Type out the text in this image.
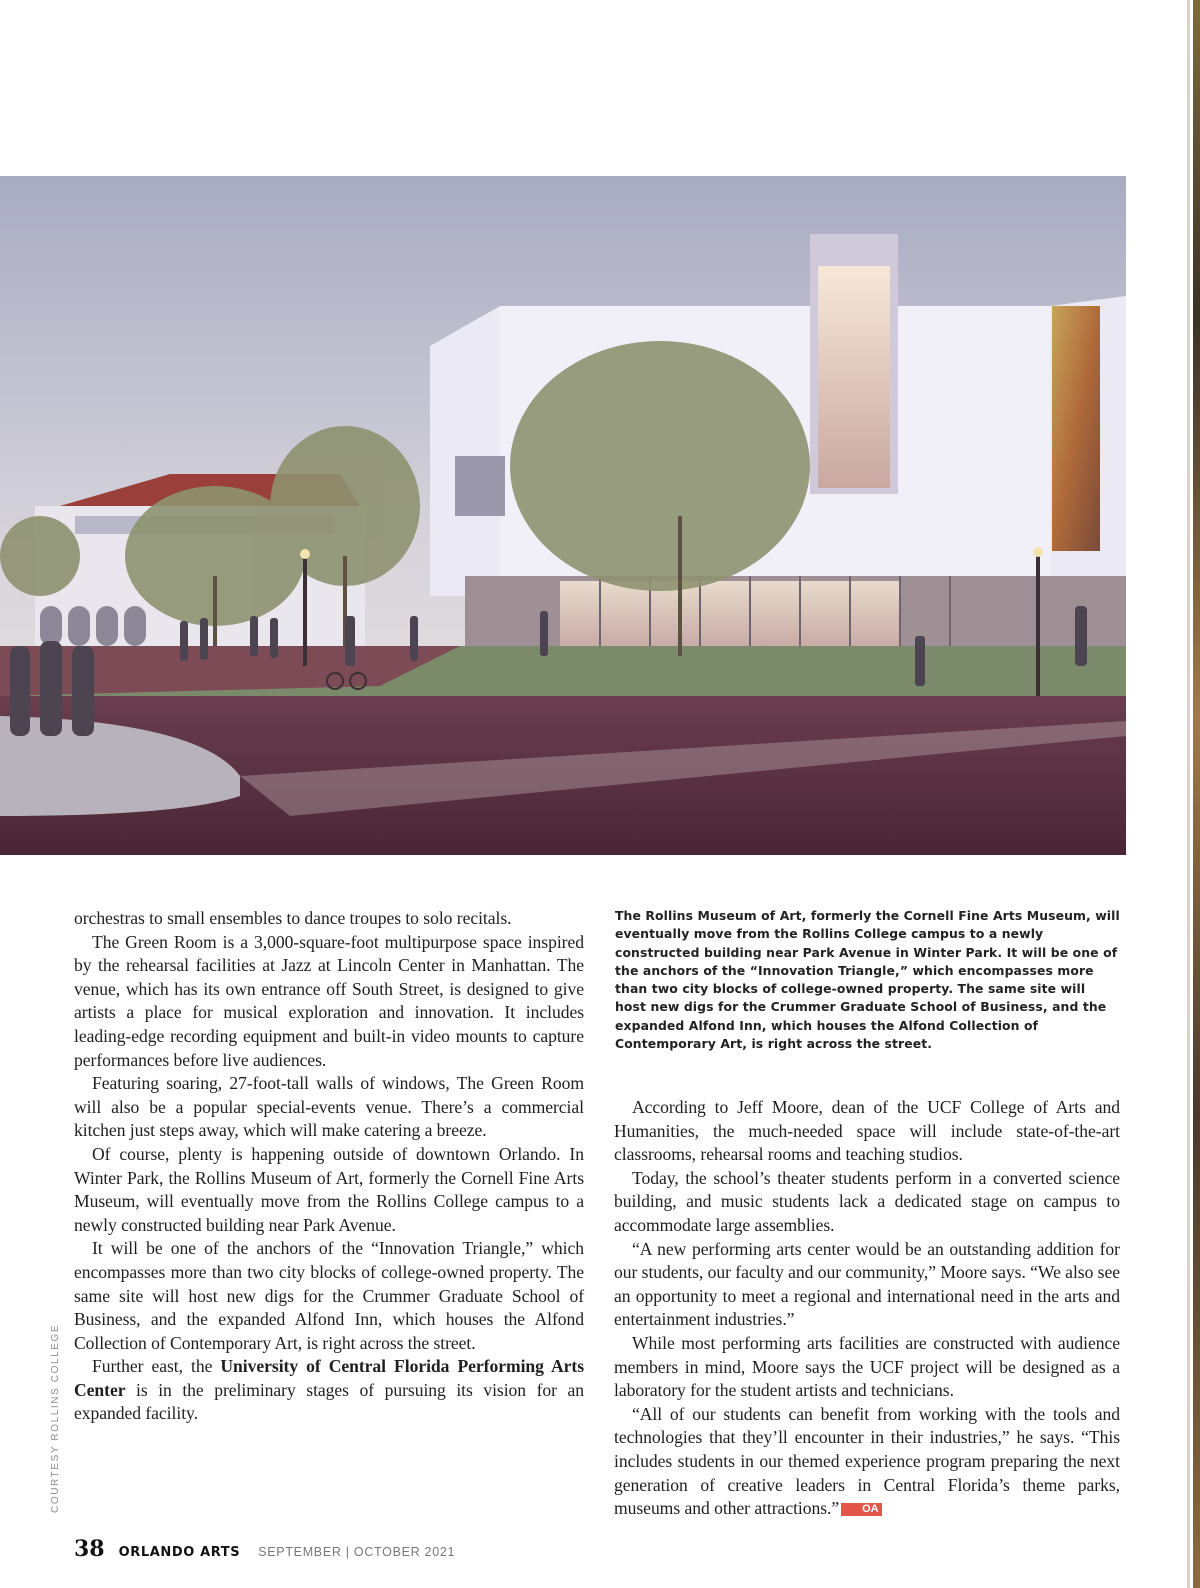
orchestras to small ensembles to dance troupes to solo recitals.

The Green Room is a 3,000-square-foot multipurpose space inspired by the rehearsal facilities at Jazz at Lincoln Center in Manhattan. The venue, which has its own entrance off South Street, is designed to give artists a place for musical exploration and innovation. It includes leading-edge recording equipment and built-in video mounts to capture performances before live audiences.

Featuring soaring, 27-foot-tall walls of windows, The Green Room will also be a popular special-events venue. There’s a commercial kitchen just steps away, which will make catering a breeze.

Of course, plenty is happening outside of downtown Orlando. In Winter Park, the Rollins Museum of Art, formerly the Cornell Fine Arts Museum, will eventually move from the Rollins College campus to a newly constructed building near Park Avenue.

It will be one of the anchors of the “Innovation Triangle,” which encompasses more than two city blocks of college-owned property. The same site will host new digs for the Crummer Graduate School of Business, and the expanded Alfond Inn, which houses the Alfond Collection of Contemporary Art, is right across the street.

Further east, the University of Central Florida Performing Arts Center is in the preliminary stages of pursuing its vision for an expanded facility.

The Rollins Museum of Art, formerly the Cornell Fine Arts Museum, will eventually move from the Rollins College campus to a newly constructed building near Park Avenue in Winter Park. It will be one of the anchors of the “Innovation Triangle,” which encompasses more than two city blocks of college-owned property. The same site will host new digs for the Crummer Graduate School of Business, and the expanded Alfond Inn, which houses the Alfond Collection of Contemporary Art, is right across the street.

According to Jeff Moore, dean of the UCF College of Arts and Humanities, the much-needed space will include state-of-the-art classrooms, rehearsal rooms and teaching studios.

Today, the school’s theater students perform in a converted science building, and music students lack a dedicated stage on campus to accommodate large assemblies.

“A new performing arts center would be an outstanding addition for our students, our faculty and our community,” Moore says. “We also see an opportunity to meet a regional and international need in the arts and entertainment industries.”

While most performing arts facilities are constructed with audience members in mind, Moore says the UCF project will be designed as a laboratory for the student artists and technicians.

“All of our students can benefit from working with the tools and technologies that they’ll encounter in their industries,” he says. “This includes students in our themed experience program preparing the next generation of creative leaders in Central Florida’s theme parks, museums and other attractions.” OA

COURTESY ROLLINS COLLEGE
38 ORLANDO ARTS SEPTEMBER | OCTOBER 2021
